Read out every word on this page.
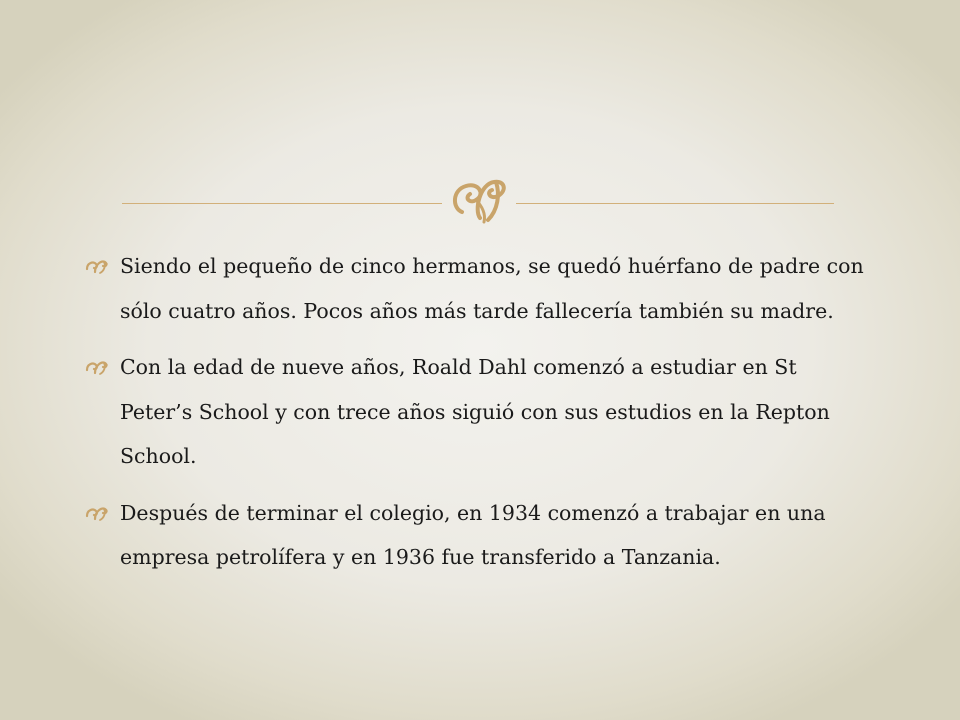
Siendo el pequeño de cinco hermanos, se quedó huérfano de padre con sólo cuatro años. Pocos años más tarde fallecería también su madre.
Con la edad de nueve años, Roald Dahl comenzó a estudiar en St Peter’s School y con trece años siguió con sus estudios en la Repton School.
Después de terminar el colegio, en 1934 comenzó a trabajar en una empresa petrolífera y en 1936 fue transferido a Tanzania.
